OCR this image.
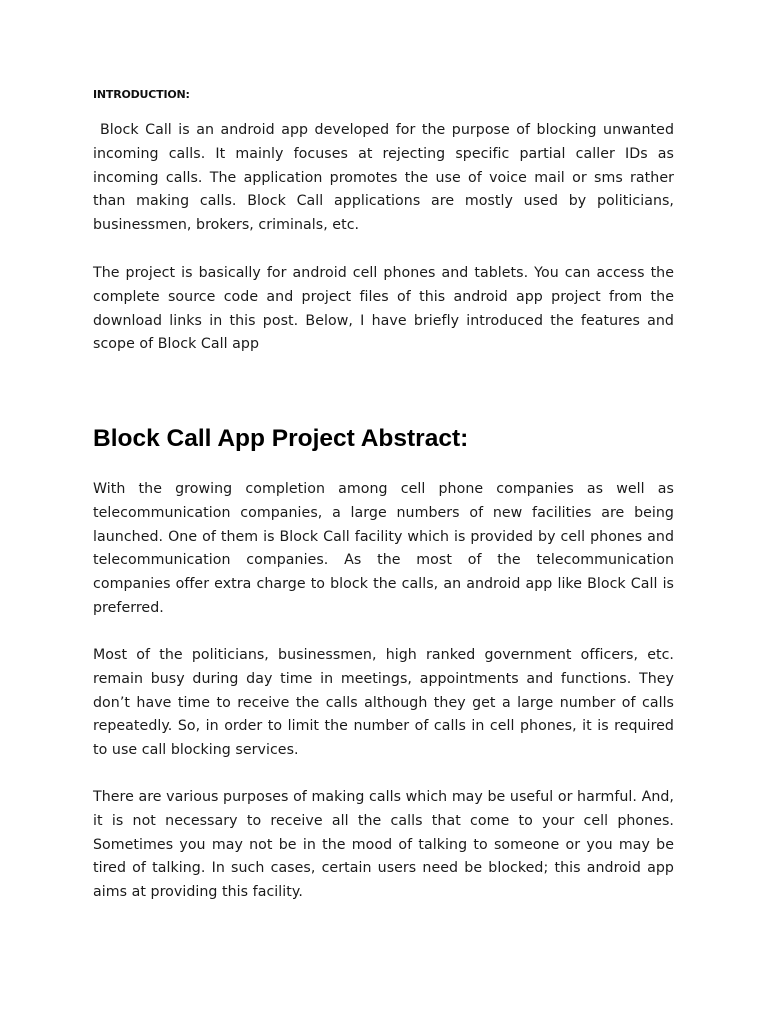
INTRODUCTION:

Block Call is an android app developed for the purpose of blocking unwanted incoming calls. It mainly focuses at rejecting specific partial caller IDs as incoming calls. The application promotes the use of voice mail or sms rather than making calls. Block Call applications are mostly used by politicians, businessmen, brokers, criminals, etc.

The project is basically for android cell phones and tablets. You can access the complete source code and project files of this android app project from the download links in this post. Below, I have briefly introduced the features and scope of Block Call app

Block Call App Project Abstract:

With the growing completion among cell phone companies as well as telecommunication companies, a large numbers of new facilities are being launched. One of them is Block Call facility which is provided by cell phones and telecommunication companies. As the most of the telecommunication companies offer extra charge to block the calls, an android app like Block Call is preferred.

Most of the politicians, businessmen, high ranked government officers, etc. remain busy during day time in meetings, appointments and functions. They don’t have time to receive the calls although they get a large number of calls repeatedly. So, in order to limit the number of calls in cell phones, it is required to use call blocking services.

There are various purposes of making calls which may be useful or harmful. And, it is not necessary to receive all the calls that come to your cell phones. Sometimes you may not be in the mood of talking to someone or you may be tired of talking. In such cases, certain users need be blocked; this android app aims at providing this facility.
